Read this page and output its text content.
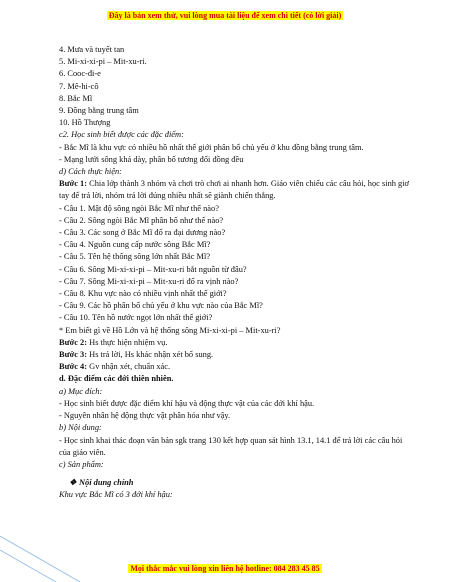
Đây là bản xem thử, vui lòng mua tài liệu để xem chi tiết (có lời giải)
4. Mưa và tuyết tan
5. Mi-xi-xi-pi – Mit-xu-ri.
6. Cooc-đi-e
7. Mê-hi-cô
8. Bắc Mĩ
9. Đồng bằng trung tâm
10. Hồ Thượng
c2. Học sinh biết được các đặc điểm:
- Bắc Mĩ là khu vực có nhiều hồ nhất thế giới phân bố chủ yếu ở khu đồng bằng trung tâm.
- Mạng lưới sông khá dày, phân bố tương đối đồng đều
d) Cách thực hiện:
Bước 1: Chia lớp thành 3 nhóm và chơi trò chơi ai nhanh hơn. Giáo viên chiếu các câu hỏi, học sinh giơ tay để trả lời, nhóm trả lời đúng nhiều nhất sẽ giành chiến thắng.
- Câu 1. Mật độ sông ngòi Bắc Mĩ như thế nào?
- Câu 2. Sông ngòi Bắc Mĩ phân bố như thế nào?
- Câu 3. Các song ở Bắc Mĩ đổ ra đại dương nào?
- Câu 4. Nguồn cung cấp nước sông Bắc Mĩ?
- Câu 5. Tên hệ thống sông lớn nhất Bắc Mĩ?
- Câu 6. Sông Mi-xi-xi-pi – Mit-xu-ri bắt nguồn từ đâu?
- Câu 7. Sông Mi-xi-xi-pi – Mit-xu-ri đổ ra vịnh nào?
- Câu 8. Khu vực nào có nhiều vịnh nhất thế giới?
- Câu 9. Các hồ phân bố chủ yếu ở khu vực nào của Bắc Mĩ?
- Câu 10. Tên hồ nước ngọt lớn nhất thế giới?
* Em biết gì về Hồ Lớn và hệ thống sông Mi-xi-xi-pi – Mit-xu-ri?
Bước 2: Hs thực hiện nhiệm vụ.
Bước 3: Hs trả lời, Hs khác nhận xét bổ sung.
Bước 4: Gv nhận xét, chuẩn xác.
d. Đặc điểm các đới thiên nhiên.
a) Mục đích:
- Học sinh biết được đặc điểm khí hậu và động thực vật của các đới khí hậu.
- Nguyên nhân hệ động thực vật phân hóa như vậy.
b) Nội dung:
- Học sinh khai thác đoạn văn bản sgk trang 130 kết hợp quan sát hình 13.1, 14.1 để trả lời các câu hỏi của giáo viên.
c) Sản phẩm:
❖ Nội dung chính
Khu vực Bắc Mĩ có 3 đới khí hậu:
Mọi thắc mắc vui lòng xin liên hệ hotline: 084 283 45 85
